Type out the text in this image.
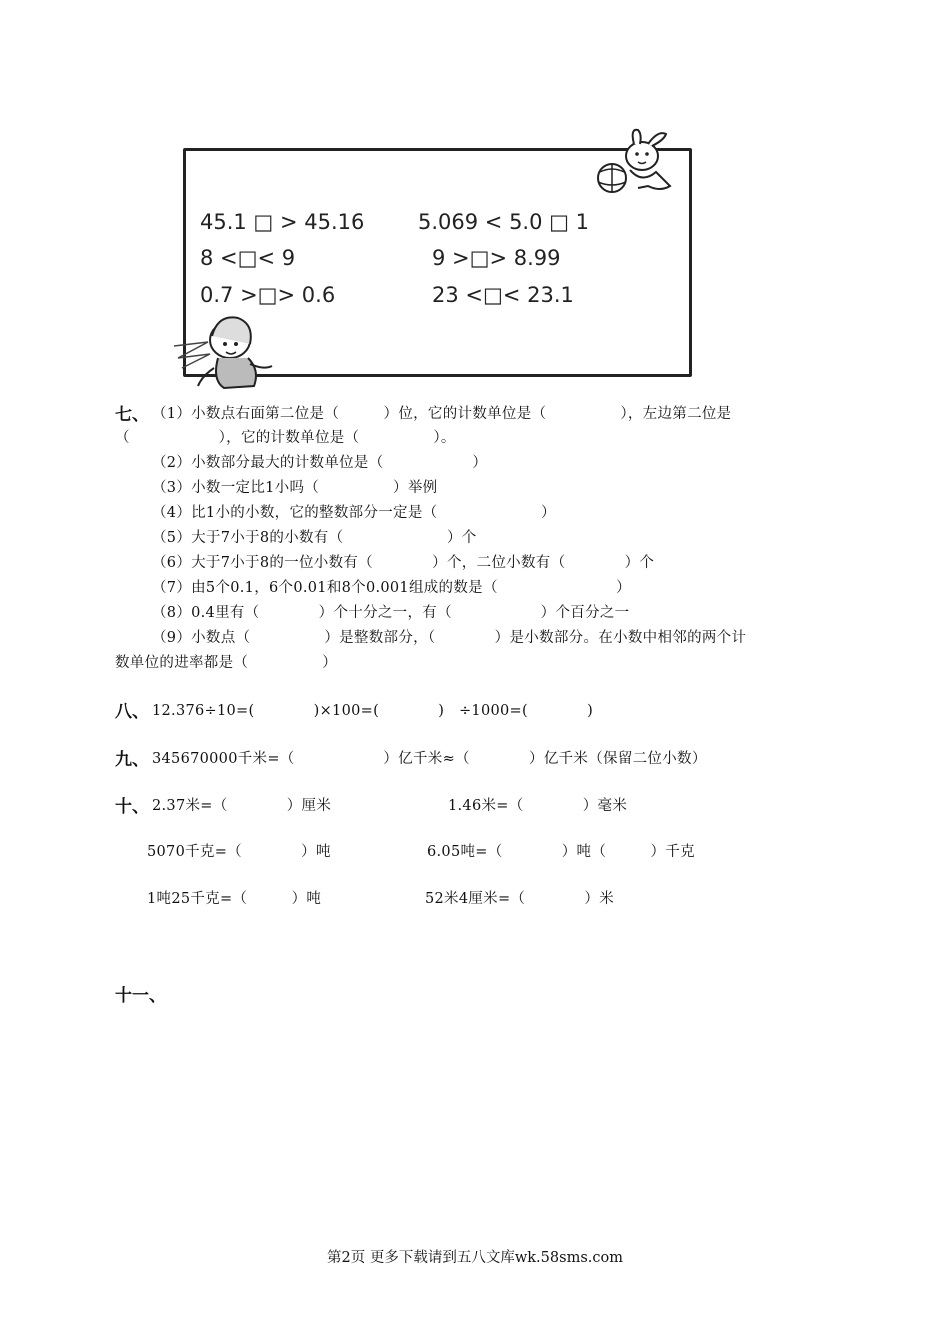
45.1 □ > 45.16	5.069 < 5.0 □ 1
8 <□< 9	9 >□> 8.99
0.7 >□> 0.6	23 <□< 23.1
七、 （1）小数点右面第二位是（　　　）位，它的计数单位是（　　　　　），左边第二位是
（　　　　　　），它的计数单位是（　　　　　）。
（2）小数部分最大的计数单位是（　　　　　　）
（3）小数一定比1小吗（　　　　　）举例
（4）比1小的小数，它的整数部分一定是（　　　　　　　）
（5）大于7小于8的小数有（　　　　　　　）个
（6）大于7小于8的一位小数有（　　　　）个，二位小数有（　　　　）个
（7）由5个0.1，6个0.01和8个0.001组成的数是（　　　　　　　　）
（8）0.4里有（　　　　）个十分之一，有（　　　　　　）个百分之一
（9）小数点（　　　　　）是整数部分，（　　　　）是小数部分。在小数中相邻的两个计
数单位的进率都是（　　　　　）
八、 12.376÷10=(　　　　)×100=(　　　　)　÷1000=(　　　　)
九、 345670000千米=（　　　　　　）亿千米≈（　　　　）亿千米（保留二位小数）
十、 2.37米=（　　　　）厘米	1.46米=（　　　　）毫米
5070千克=（　　　　）吨	6.05吨=（　　　　）吨（　　　）千克
1吨25千克=（　　　）吨	52米4厘米=（　　　　）米
十一、
第2页 更多下载请到五八文库wk.58sms.com
